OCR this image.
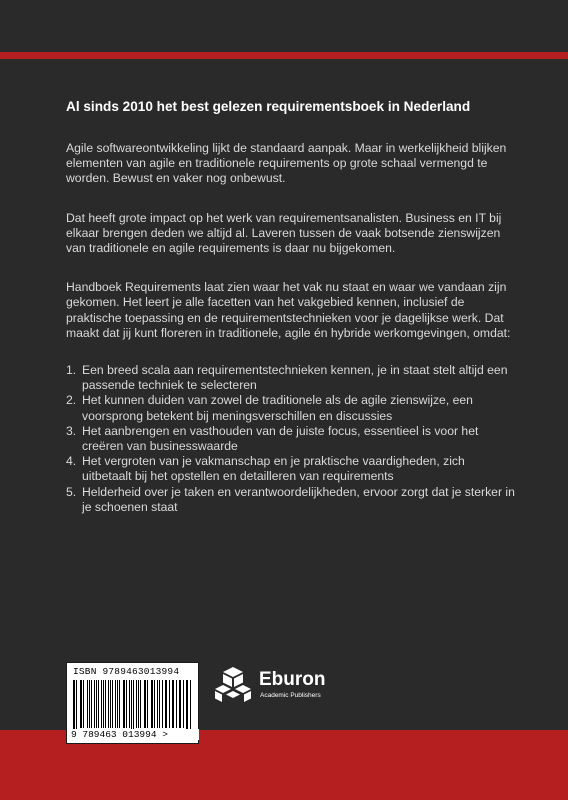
Al sinds 2010 het best gelezen requirementsboek in Nederland

Agile softwareontwikkeling lijkt de standaard aanpak. Maar in werkelijkheid blijken elementen van agile en traditionele requirements op grote schaal vermengd te worden. Bewust en vaker nog onbewust.

Dat heeft grote impact op het werk van requirementsanalisten. Business en IT bij elkaar brengen deden we altijd al. Laveren tussen de vaak botsende zienswijzen van traditionele en agile requirements is daar nu bijgekomen.

Handboek Requirements laat zien waar het vak nu staat en waar we vandaan zijn gekomen. Het leert je alle facetten van het vakgebied kennen, inclusief de praktische toepassing en de requirementstechnieken voor je dagelijkse werk. Dat maakt dat jij kunt floreren in traditionele, agile én hybride werkomgevingen, omdat:

1. Een breed scala aan requirementstechnieken kennen, je in staat stelt altijd een passende techniek te selecteren
2. Het kunnen duiden van zowel de traditionele als de agile zienswijze, een voorsprong betekent bij meningsverschillen en discussies
3. Het aanbrengen en vasthouden van de juiste focus, essentieel is voor het creëren van businesswaarde
4. Het vergroten van je vakmanschap en je praktische vaardigheden, zich uitbetaalt bij het opstellen en detailleren van requirements
5. Helderheid over je taken en verantwoordelijkheden, ervoor zorgt dat je sterker in je schoenen staat
ISBN 9789463013994
9 789463 013994 >
Eburon
Academic Publishers
